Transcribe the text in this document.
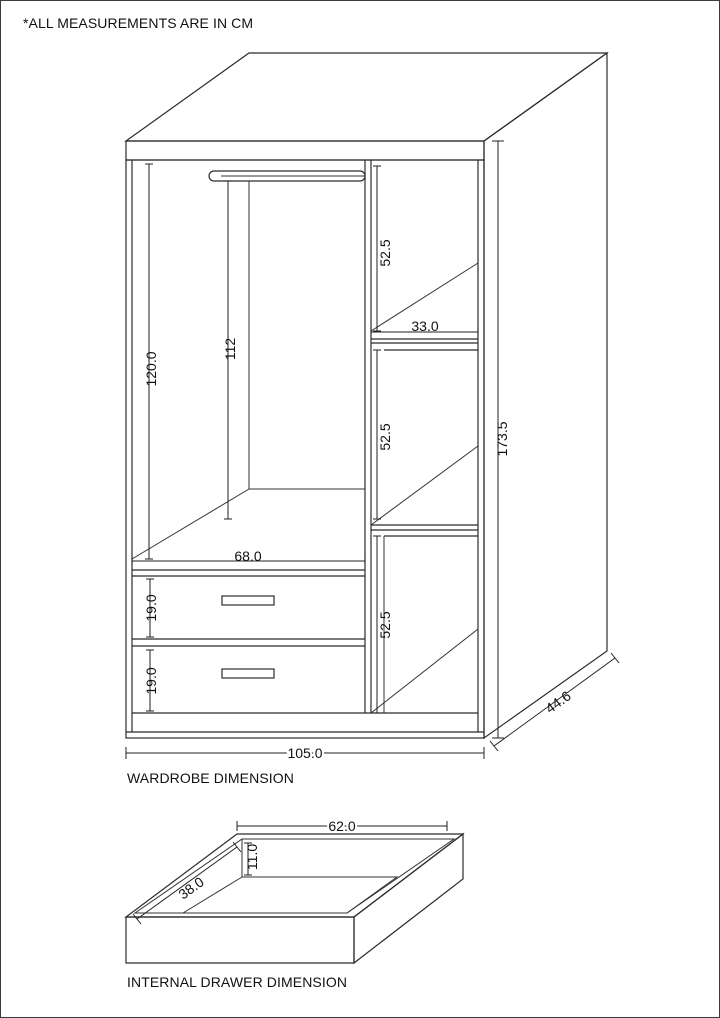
*ALL MEASUREMENTS ARE IN CM
120.0
112
52.5
33.0
52.5
52.5
68.0
19.0
19.0
105.0
173.5
44.6
WARDROBE DIMENSION
62.0
11.0
38.0
INTERNAL DRAWER DIMENSION
